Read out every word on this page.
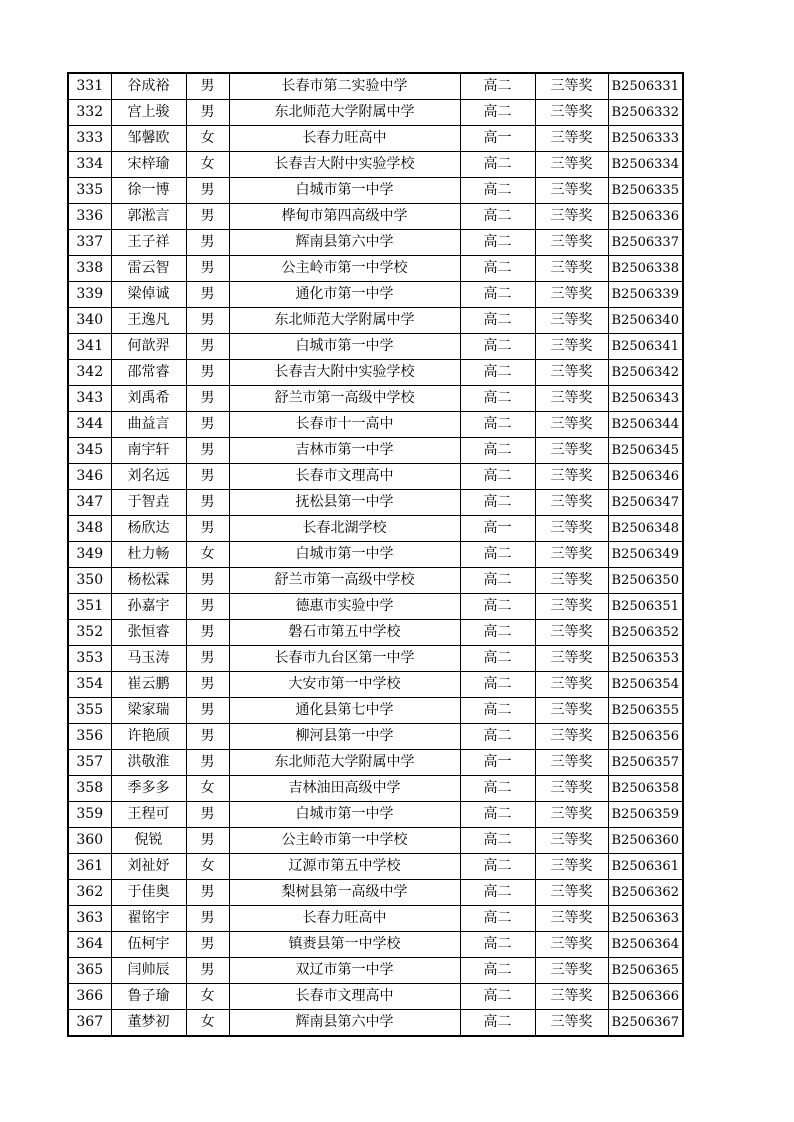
331	谷成裕	男	长春市第二实验中学	高二	三等奖	B2506331
332	宫上骏	男	东北师范大学附属中学	高二	三等奖	B2506332
333	邹馨欧	女	长春力旺高中	高一	三等奖	B2506333
334	宋梓瑜	女	长春吉大附中实验学校	高二	三等奖	B2506334
335	徐一博	男	白城市第一中学	高二	三等奖	B2506335
336	郭淞言	男	桦甸市第四高级中学	高二	三等奖	B2506336
337	王子祥	男	辉南县第六中学	高二	三等奖	B2506337
338	雷云智	男	公主岭市第一中学校	高二	三等奖	B2506338
339	梁倬诚	男	通化市第一中学	高二	三等奖	B2506339
340	王逸凡	男	东北师范大学附属中学	高二	三等奖	B2506340
341	何歆羿	男	白城市第一中学	高二	三等奖	B2506341
342	邵常睿	男	长春吉大附中实验学校	高二	三等奖	B2506342
343	刘禹希	男	舒兰市第一高级中学校	高二	三等奖	B2506343
344	曲益言	男	长春市十一高中	高二	三等奖	B2506344
345	南宇轩	男	吉林市第一中学	高二	三等奖	B2506345
346	刘名远	男	长春市文理高中	高二	三等奖	B2506346
347	于智垚	男	抚松县第一中学	高二	三等奖	B2506347
348	杨欣达	男	长春北湖学校	高一	三等奖	B2506348
349	杜力畅	女	白城市第一中学	高二	三等奖	B2506349
350	杨松霖	男	舒兰市第一高级中学校	高二	三等奖	B2506350
351	孙嘉宇	男	德惠市实验中学	高二	三等奖	B2506351
352	张恒睿	男	磐石市第五中学校	高二	三等奖	B2506352
353	马玉涛	男	长春市九台区第一中学	高二	三等奖	B2506353
354	崔云鹏	男	大安市第一中学校	高二	三等奖	B2506354
355	梁家瑞	男	通化县第七中学	高二	三等奖	B2506355
356	许艳颀	男	柳河县第一中学	高二	三等奖	B2506356
357	洪敬淮	男	东北师范大学附属中学	高一	三等奖	B2506357
358	季多多	女	吉林油田高级中学	高二	三等奖	B2506358
359	王程可	男	白城市第一中学	高二	三等奖	B2506359
360	倪锐	男	公主岭市第一中学校	高二	三等奖	B2506360
361	刘祉妤	女	辽源市第五中学校	高二	三等奖	B2506361
362	于佳奥	男	梨树县第一高级中学	高二	三等奖	B2506362
363	翟铭宇	男	长春力旺高中	高二	三等奖	B2506363
364	伍柯宇	男	镇赉县第一中学校	高二	三等奖	B2506364
365	闫帅辰	男	双辽市第一中学	高二	三等奖	B2506365
366	鲁子瑜	女	长春市文理高中	高二	三等奖	B2506366
367	董梦初	女	辉南县第六中学	高二	三等奖	B2506367
